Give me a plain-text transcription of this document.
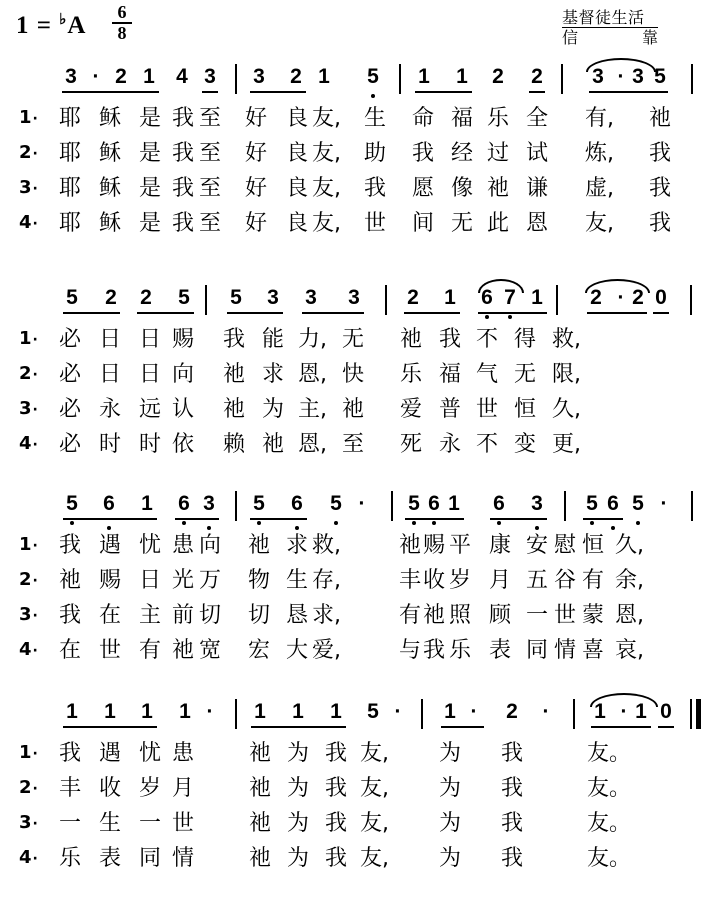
$1 = ^♭A \frac{6}{8}$	基督徒生活
信	靠
3 · 2 1 4 3 3 2 1 5 1 1 2 2 3 · 3 5
1· 耶 稣 是 我 至 好 良 友, 生 命 福 乐 全 有, 祂
2· 耶 稣 是 我 至 好 良 友, 助 我 经 过 试 炼, 我
3· 耶 稣 是 我 至 好 良 友, 我 愿 像 祂 谦 虚, 我
4· 耶 稣 是 我 至 好 良 友, 世 间 无 此 恩 友, 我
5 2 2 5 5 3 3 3 2 1 6 7 1 2 · 2 0
1· 必 日 日 赐 我 能 力, 无 祂 我 不 得 救,
2· 必 日 日 向 祂 求 恩, 快 乐 福 气 无 限,
3· 必 永 远 认 祂 为 主, 祂 爱 普 世 恒 久,
4· 必 时 时 依 赖 祂 恩, 至 死 永 不 变 更,
5 6 1 6 3 5 6 5 · 5 6 1 6 3 5 6 5 ·
1· 我 遇 忧 患 向 祂 求 救,	祂 赐 平 康 安 慰 恒 久,
2· 祂 赐 日 光 万 物 生 存,	丰 收 岁 月 五 谷 有 余,
3· 我 在 主 前 切 切 恳 求,	有 祂 照 顾 一 世 蒙 恩,
4· 在 世 有 祂 宽 宏 大 爱,	与 我 乐 表 同 情 喜 哀,
1 1 1 1 · 1 1 1 5 · 1 · 2 · 1 · 1 0
1· 我 遇 忧 患 祂 为 我 友, 为 我	友。
2· 丰 收 岁 月 祂 为 我 友, 为 我	友。
3· 一 生 一 世 祂 为 我 友, 为 我	友。
4· 乐 表 同 情 祂 为 我 友, 为 我	友。
